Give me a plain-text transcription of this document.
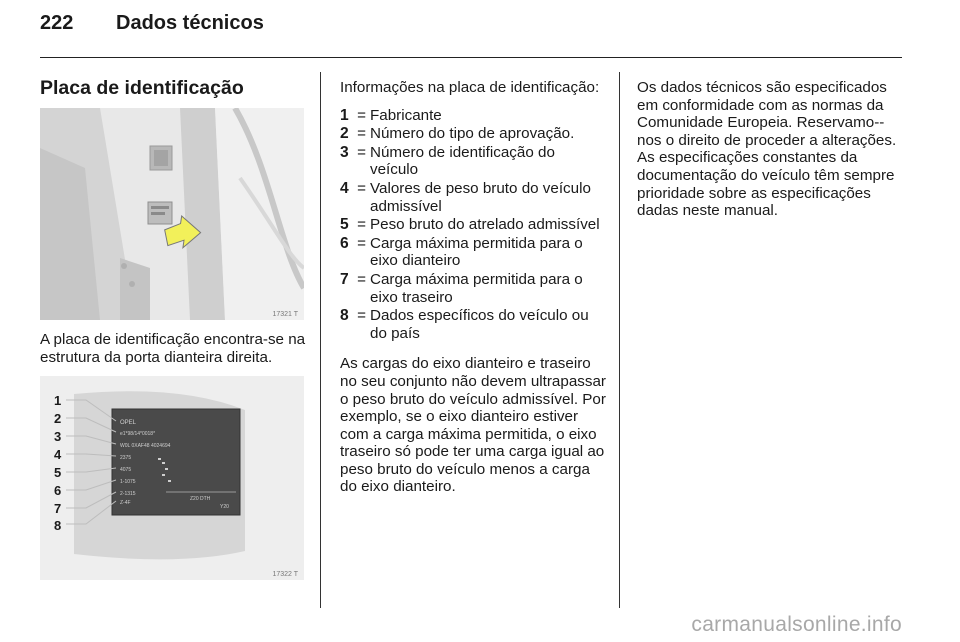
222 Dados técnicos
Placa de identificação
17321 T

A placa de identificação encontra-se na estrutura da porta dianteira direita.

OPEL
e1*98/14*0018*
W0L 0XAF48 4024694
2375
4075
1-1075
2-1315
Z-4F
Z20 DTH
Y20
1
2
3
4
5
6
7
8
17322 T

Informações na placa de identificação:

1 = Fabricante
2 = Número do tipo de aprovação.
3 = Número de identificação do veículo
4 = Valores de peso bruto do veículo admissível
5 = Peso bruto do atrelado admissível
6 = Carga máxima permitida para o eixo dianteiro
7 = Carga máxima permitida para o eixo traseiro
8 = Dados específicos do veículo ou do país

As cargas do eixo dianteiro e traseiro no seu conjunto não devem ultrapassar o peso bruto do veículo admissível. Por exemplo, se o eixo dianteiro estiver com a carga máxima permitida, o eixo traseiro só pode ter uma carga igual ao peso bruto do veículo menos a carga do eixo dianteiro.

Os dados técnicos são especificados em conformidade com as normas da Comunidade Europeia. Reservamo--nos o direito de proceder a alterações. As especificações constantes da documentação do veículo têm sempre prioridade sobre as especificações dadas neste manual.

carmanualsonline.info
